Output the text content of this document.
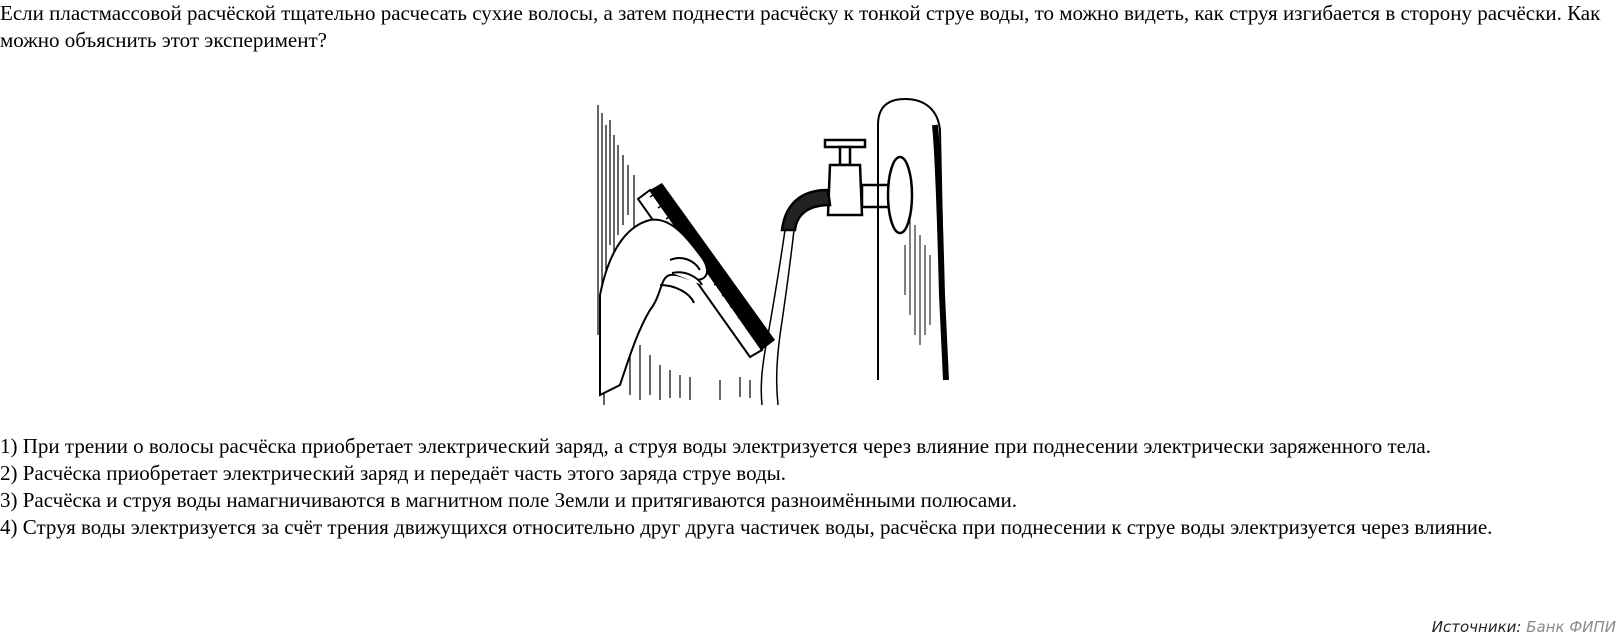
Если пластмассовой расчёской тщательно расчесать сухие волосы, а затем поднести расчёску к тонкой струе воды, то можно видеть, как струя изгибается в сторону расчёски. Как можно объяснить этот эксперимент?
1) При трении о волосы расчёска приобретает электрический заряд, а струя воды электризуется через влияние при поднесении электрически заряженного тела.
2) Расчёска приобретает электрический заряд и передаёт часть этого заряда струе воды.
3) Расчёска и струя воды намагничиваются в магнитном поле Земли и притягиваются разноимёнными полюсами.
4) Струя воды электризуется за счёт трения движущихся относительно друг друга частичек воды, расчёска при поднесении к струе воды электризуется через влияние.
Источники: Банк ФИПИ
